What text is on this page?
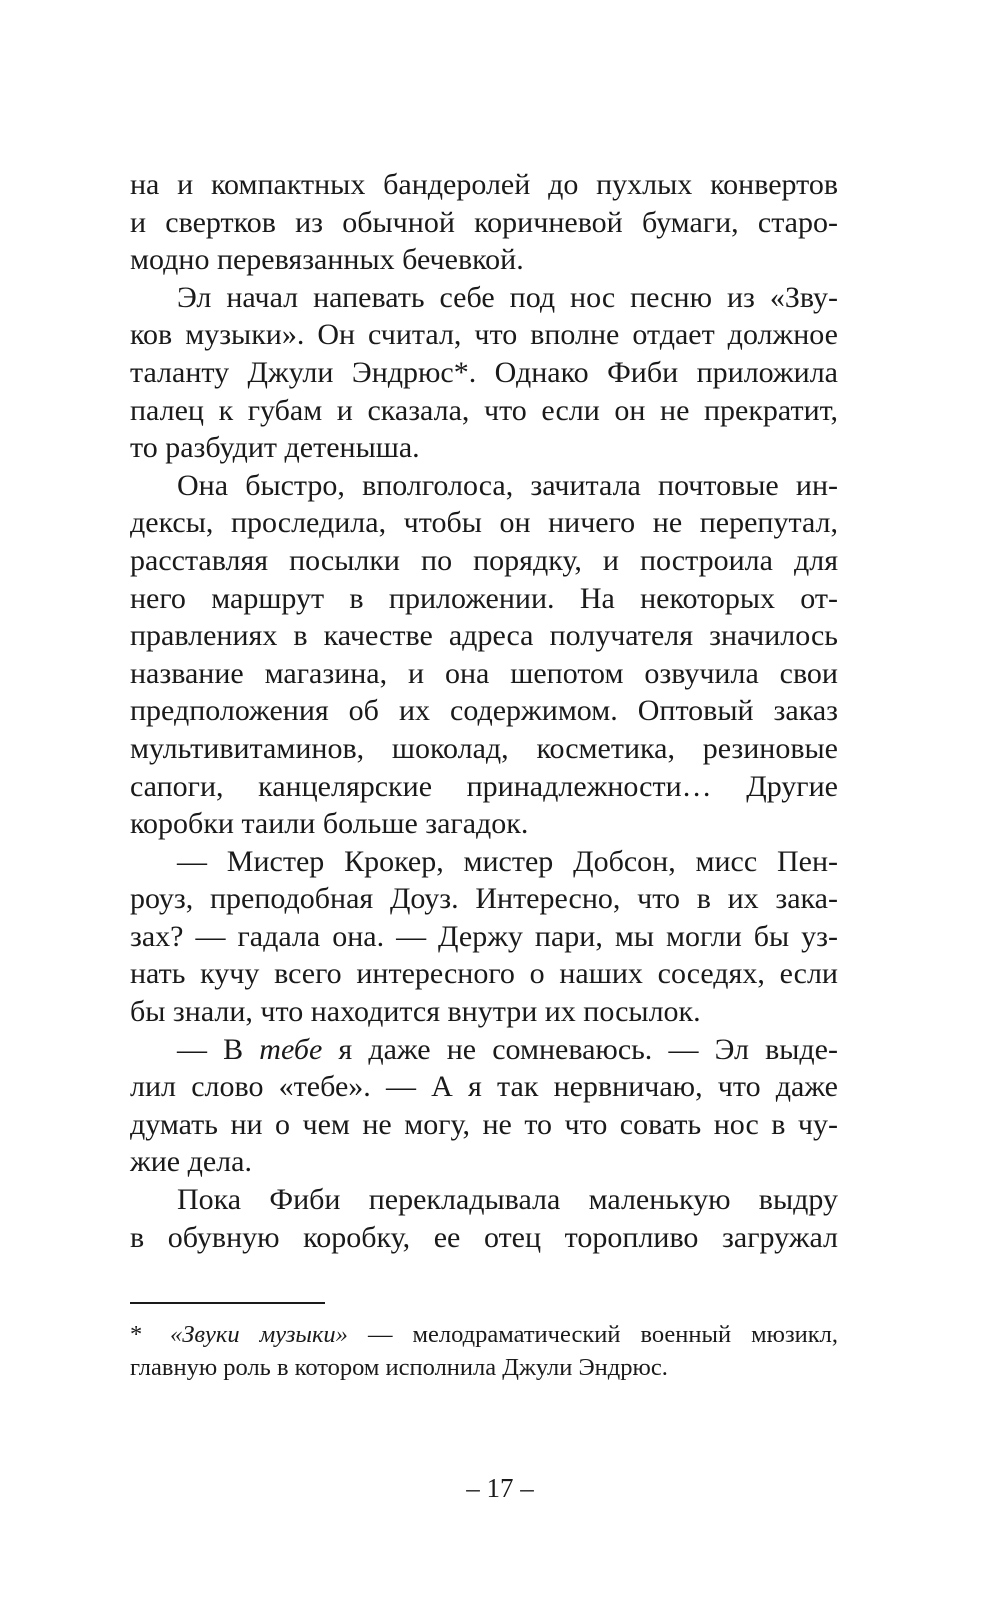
на и компактных бандеролей до пухлых конвертов
и свертков из обычной коричневой бумаги, старо-
модно перевязанных бечевкой.
Эл начал напевать себе под нос песню из «Зву-
ков музыки». Он считал, что вполне отдает должное
таланту Джули Эндрюс*. Однако Фиби приложила
палец к губам и сказала, что если он не прекратит,
то разбудит детеныша.
Она быстро, вполголоса, зачитала почтовые ин-
дексы, проследила, чтобы он ничего не перепутал,
расставляя посылки по порядку, и построила для
него маршрут в приложении. На некоторых от-
правлениях в качестве адреса получателя значилось
название магазина, и она шепотом озвучила свои
предположения об их содержимом. Оптовый заказ
мультивитаминов, шоколад, косметика, резиновые
сапоги, канцелярские принадлежности… Другие
коробки таили больше загадок.
— Мистер Крокер, мистер Добсон, мисс Пен-
роуз, преподобная Доуз. Интересно, что в их зака-
зах? — гадала она. — Держу пари, мы могли бы уз-
нать кучу всего интересного о наших соседях, если
бы знали, что находится внутри их посылок.
— В тебе я даже не сомневаюсь. — Эл выде-
лил слово «тебе». — А я так нервничаю, что даже
думать ни о чем не могу, не то что совать нос в чу-
жие дела.
Пока Фиби перекладывала маленькую выдру
в обувную коробку, ее отец торопливо загружал
* «Звуки музыки» — мелодраматический военный мюзикл,
главную роль в котором исполнила Джули Эндрюс.
– 17 –
